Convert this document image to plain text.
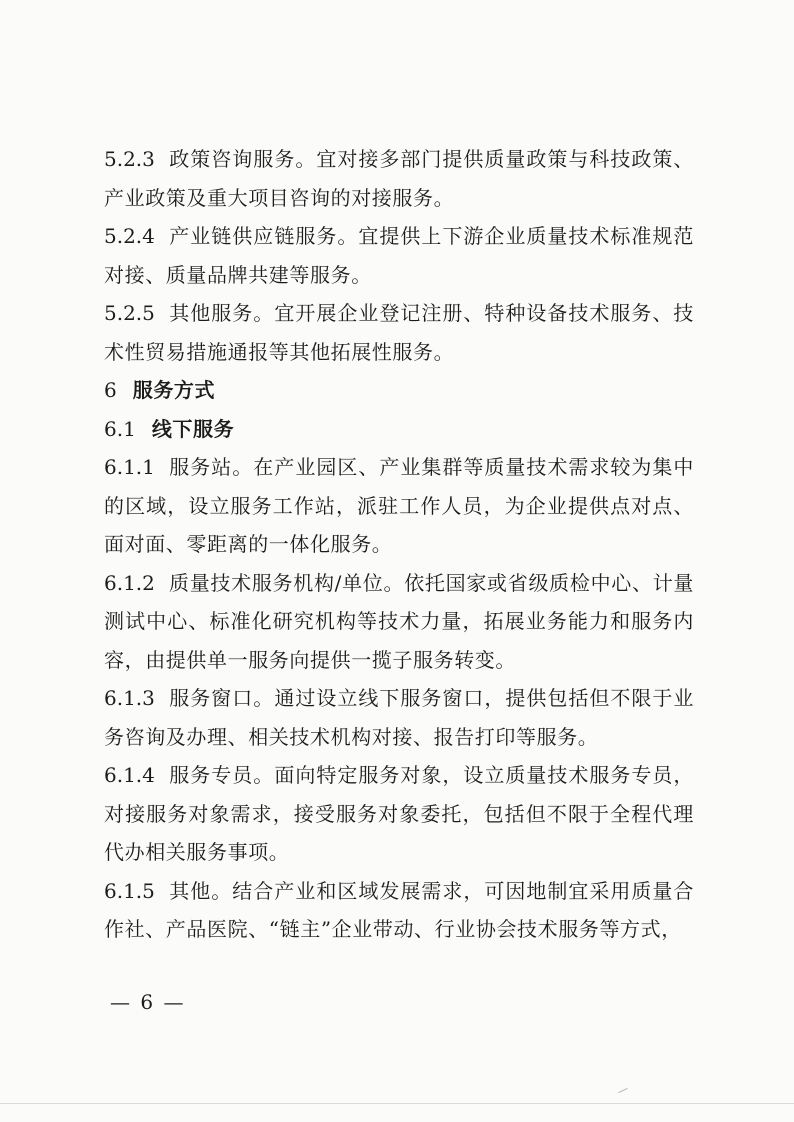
5.2.3 政策咨询服务。宜对接多部门提供质量政策与科技政策、产业政策及重大项目咨询的对接服务。

5.2.4 产业链供应链服务。宜提供上下游企业质量技术标准规范对接、质量品牌共建等服务。

5.2.5 其他服务。宜开展企业登记注册、特种设备技术服务、技术性贸易措施通报等其他拓展性服务。

6 服务方式

6.1 线下服务

6.1.1 服务站。在产业园区、产业集群等质量技术需求较为集中的区域，设立服务工作站，派驻工作人员，为企业提供点对点、面对面、零距离的一体化服务。

6.1.2 质量技术服务机构/单位。依托国家或省级质检中心、计量测试中心、标准化研究机构等技术力量，拓展业务能力和服务内容，由提供单一服务向提供一揽子服务转变。

6.1.3 服务窗口。通过设立线下服务窗口，提供包括但不限于业务咨询及办理、相关技术机构对接、报告打印等服务。

6.1.4 服务专员。面向特定服务对象，设立质量技术服务专员，对接服务对象需求，接受服务对象委托，包括但不限于全程代理代办相关服务事项。

6.1.5 其他。结合产业和区域发展需求，可因地制宜采用质量合作社、产品医院、“链主”企业带动、行业协会技术服务等方式，

— 6 —
